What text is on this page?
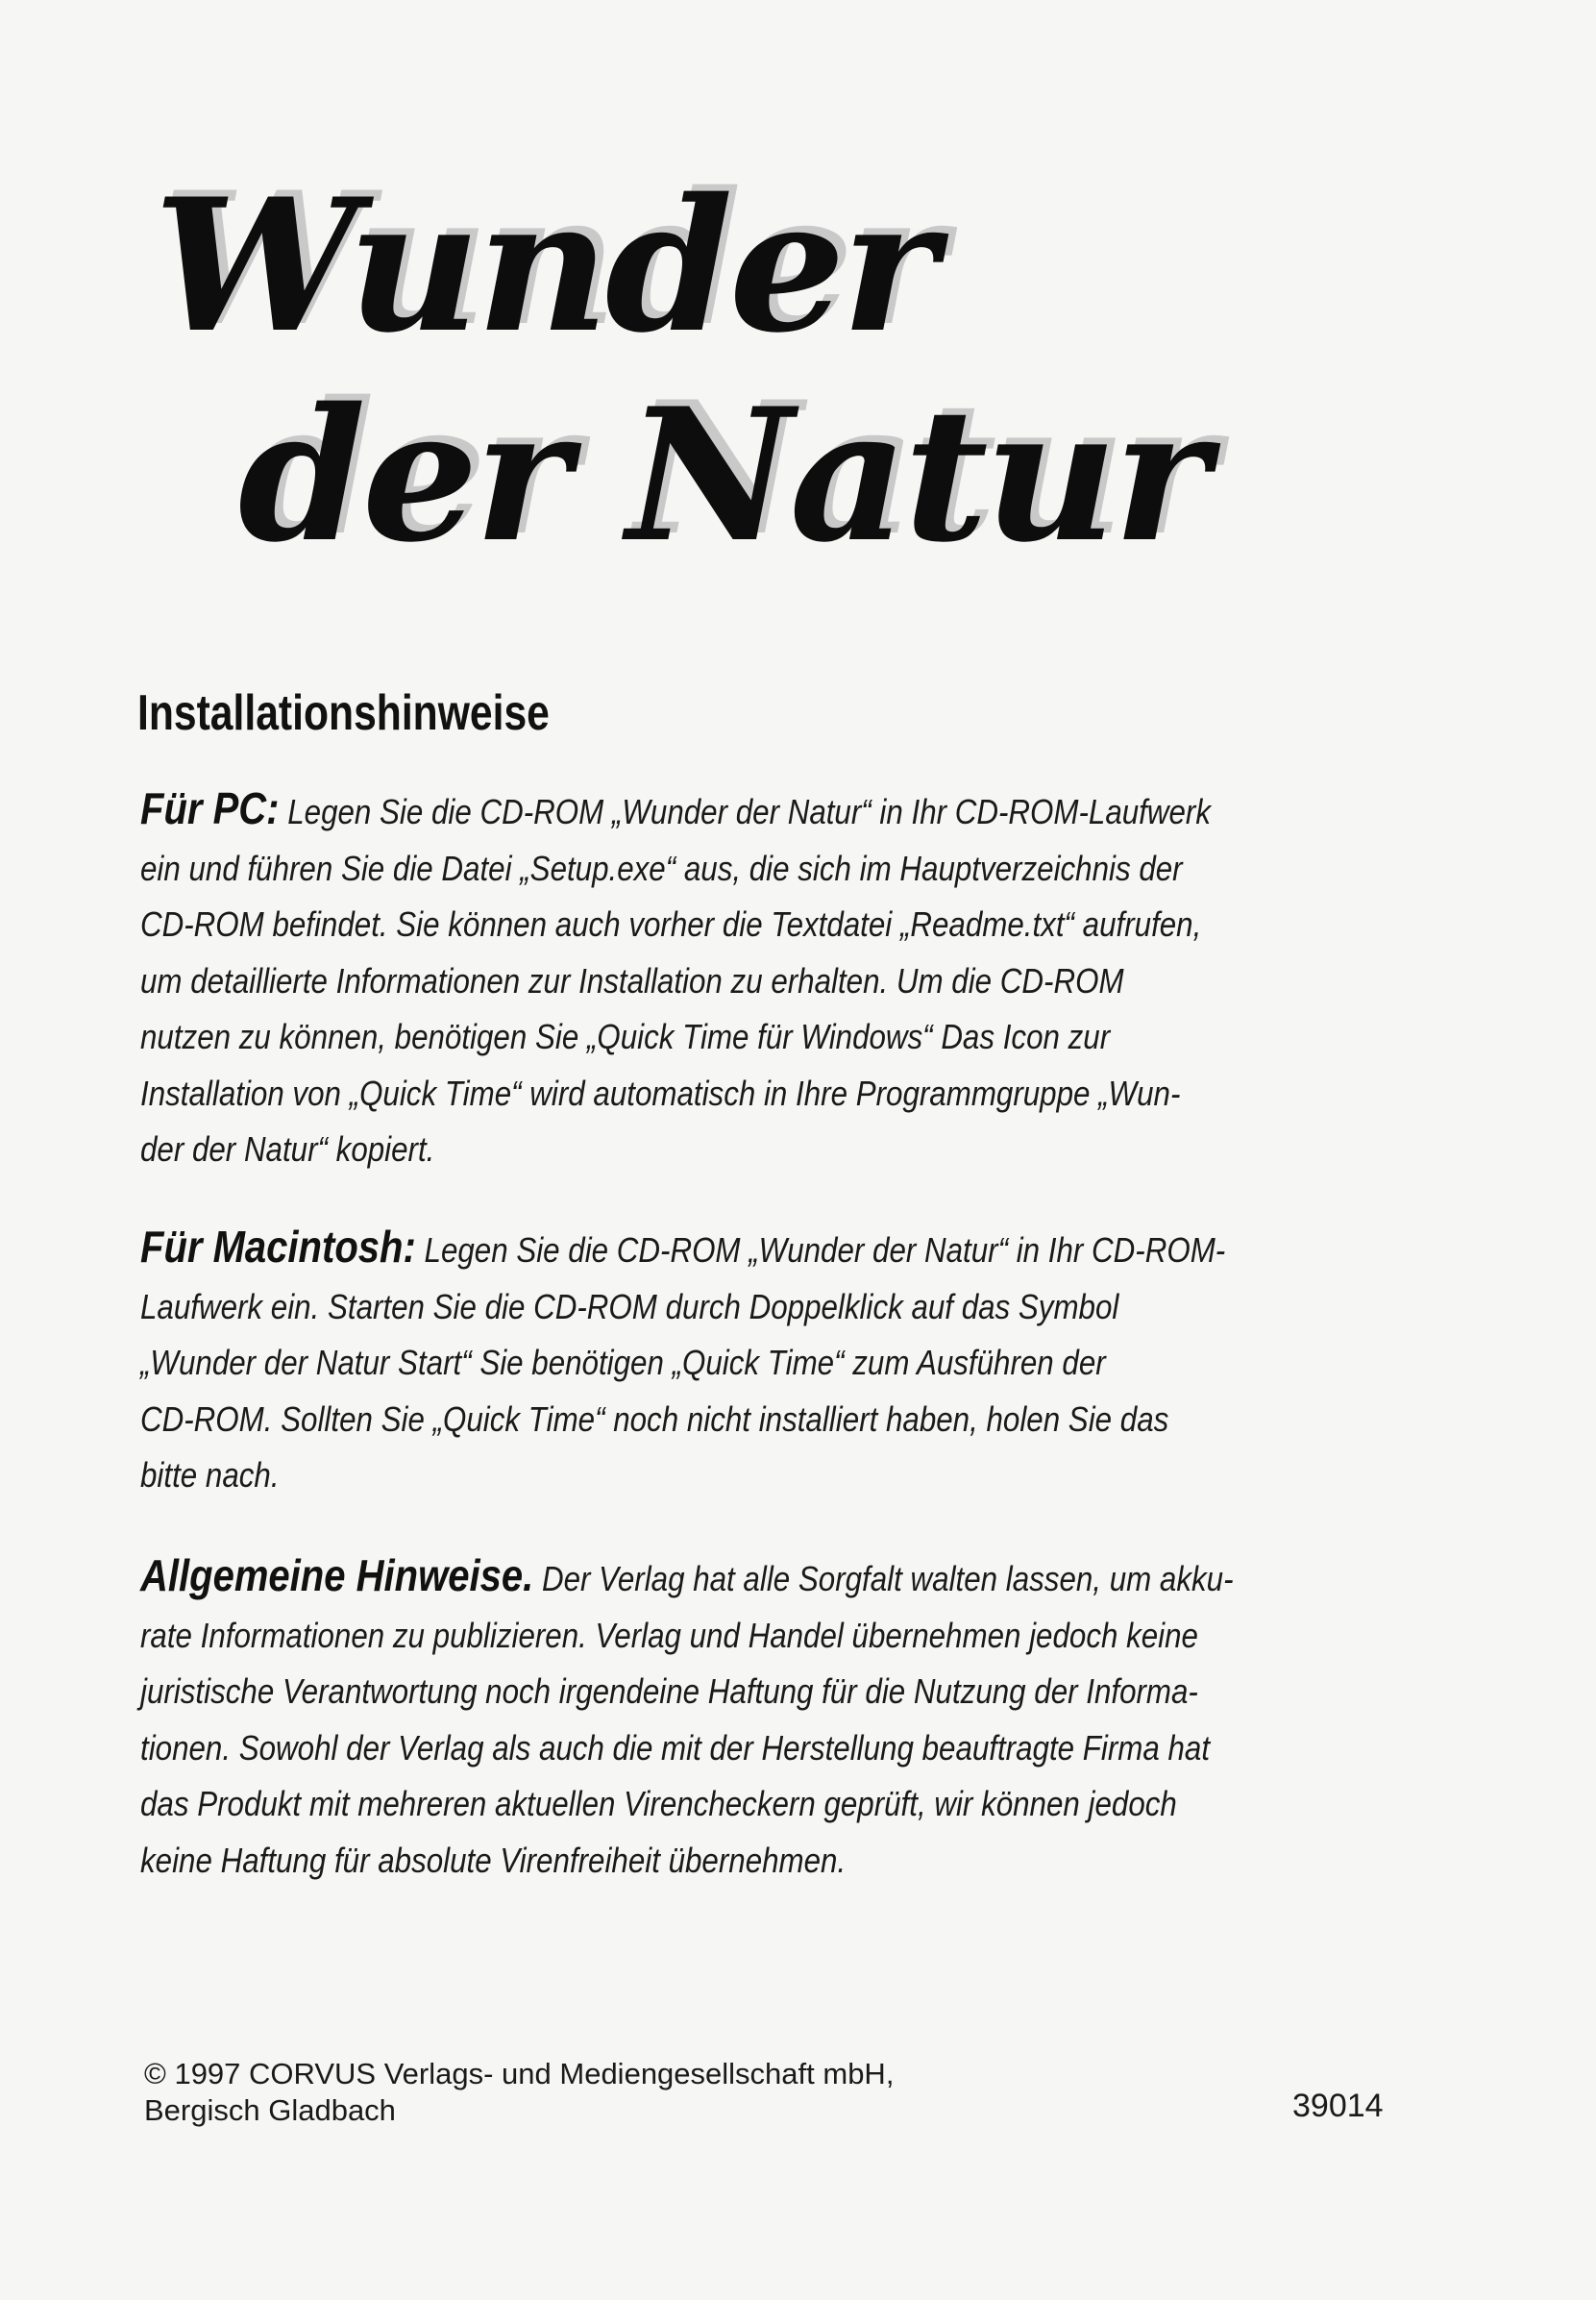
Wunder
der Natur
Installationshinweise
Für PC: Legen Sie die CD-ROM „Wunder der Natur“ in Ihr CD-ROM-Laufwerk
ein und führen Sie die Datei „Setup.exe“ aus, die sich im Hauptverzeichnis der
CD-ROM befindet. Sie können auch vorher die Textdatei „Readme.txt“ aufrufen,
um detaillierte Informationen zur Installation zu erhalten. Um die CD-ROM
nutzen zu können, benötigen Sie „Quick Time für Windows“ Das Icon zur
Installation von „Quick Time“ wird automatisch in Ihre Programmgruppe „Wun-
der der Natur“ kopiert.
Für Macintosh: Legen Sie die CD-ROM „Wunder der Natur“ in Ihr CD-ROM-
Laufwerk ein. Starten Sie die CD-ROM durch Doppelklick auf das Symbol
„Wunder der Natur Start“ Sie benötigen „Quick Time“ zum Ausführen der
CD-ROM. Sollten Sie „Quick Time“ noch nicht installiert haben, holen Sie das
bitte nach.
Allgemeine Hinweise. Der Verlag hat alle Sorgfalt walten lassen, um akku-
rate Informationen zu publizieren. Verlag und Handel übernehmen jedoch keine
juristische Verantwortung noch irgendeine Haftung für die Nutzung der Informa-
tionen. Sowohl der Verlag als auch die mit der Herstellung beauftragte Firma hat
das Produkt mit mehreren aktuellen Virencheckern geprüft, wir können jedoch
keine Haftung für absolute Virenfreiheit übernehmen.
© 1997 CORVUS Verlags- und Mediengesellschaft mbH,
Bergisch Gladbach	39014
